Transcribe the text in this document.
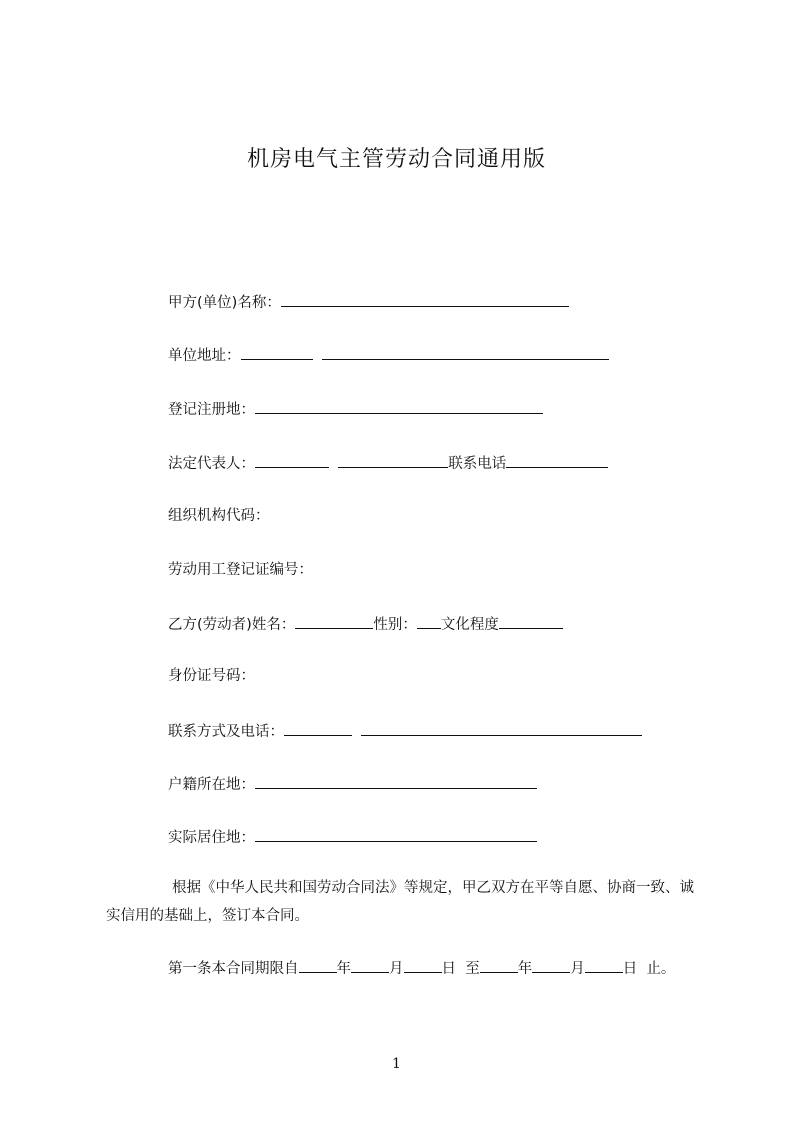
机房电气主管劳动合同通用版
甲方(单位)名称：
单位地址：
登记注册地：
法定代表人：	联系电话
组织机构代码：
劳动用工登记证编号：
乙方(劳动者)姓名：	性别： 文化程度
身份证号码：
联系方式及电话：
户籍所在地：
实际居住地：
根据《中华人民共和国劳动合同法》等规定，甲乙双方在平等自愿、协商一致、诚实信用的基础上，签订本合同。
第一条本合同期限自	年	月	日 至	年	月	日 止。
1
